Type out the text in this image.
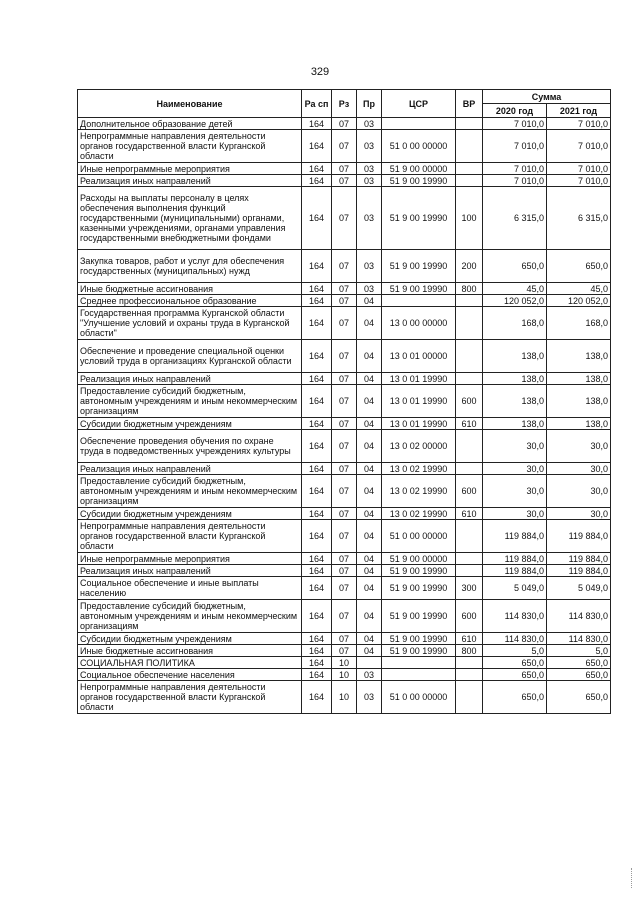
329
Наименование	Ра сп	Рз	Пр	ЦСР	ВР	Сумма	
						2020 год	2021 год
Дополнительное образование детей	164	07	03			7 010,0	7 010,0
Непрограммные направления деятельности органов государственной власти Курганской области	164	07	03	51 0 00 00000		7 010,0	7 010,0
Иные непрограммные мероприятия	164	07	03	51 9 00 00000		7 010,0	7 010,0
Реализация иных направлений	164	07	03	51 9 00 19990		7 010,0	7 010,0
Расходы на выплаты персоналу в целях обеспечения выполнения функций государственными (муниципальными) органами, казенными учреждениями, органами управления государственными внебюджетными фондами	164	07	03	51 9 00 19990	100	6 315,0	6 315,0
Закупка товаров, работ и услуг для обеспечения государственных (муниципальных) нужд	164	07	03	51 9 00 19990	200	650,0	650,0
Иные бюджетные ассигнования	164	07	03	51 9 00 19990	800	45,0	45,0
Среднее профессиональное образование	164	07	04			120 052,0	120 052,0
Государственная программа Курганской области "Улучшение условий и охраны труда в Курганской области"	164	07	04	13 0 00 00000		168,0	168,0
Обеспечение и проведение специальной оценки условий труда в организациях Курганской области	164	07	04	13 0 01 00000		138,0	138,0
Реализация иных направлений	164	07	04	13 0 01 19990		138,0	138,0
Предоставление субсидий бюджетным, автономным учреждениям и иным некоммерческим организациям	164	07	04	13 0 01 19990	600	138,0	138,0
Субсидии бюджетным учреждениям	164	07	04	13 0 01 19990	610	138,0	138,0
Обеспечение проведения обучения по охране труда в подведомственных учреждениях культуры	164	07	04	13 0 02 00000		30,0	30,0
Реализация иных направлений	164	07	04	13 0 02 19990		30,0	30,0
Предоставление субсидий бюджетным, автономным учреждениям и иным некоммерческим организациям	164	07	04	13 0 02 19990	600	30,0	30,0
Субсидии бюджетным учреждениям	164	07	04	13 0 02 19990	610	30,0	30,0
Непрограммные направления деятельности органов государственной власти Курганской области	164	07	04	51 0 00 00000		119 884,0	119 884,0
Иные непрограммные мероприятия	164	07	04	51 9 00 00000		119 884,0	119 884,0
Реализация иных направлений	164	07	04	51 9 00 19990		119 884,0	119 884,0
Социальное обеспечение и иные выплаты населению	164	07	04	51 9 00 19990	300	5 049,0	5 049,0
Предоставление субсидий бюджетным, автономным учреждениям и иным некоммерческим организациям	164	07	04	51 9 00 19990	600	114 830,0	114 830,0
Субсидии бюджетным учреждениям	164	07	04	51 9 00 19990	610	114 830,0	114 830,0
Иные бюджетные ассигнования	164	07	04	51 9 00 19990	800	5,0	5,0
СОЦИАЛЬНАЯ ПОЛИТИКА	164	10				650,0	650,0
Социальное обеспечение населения	164	10	03			650,0	650,0
Непрограммные направления деятельности органов государственной власти Курганской области	164	10	03	51 0 00 00000		650,0	650,0
